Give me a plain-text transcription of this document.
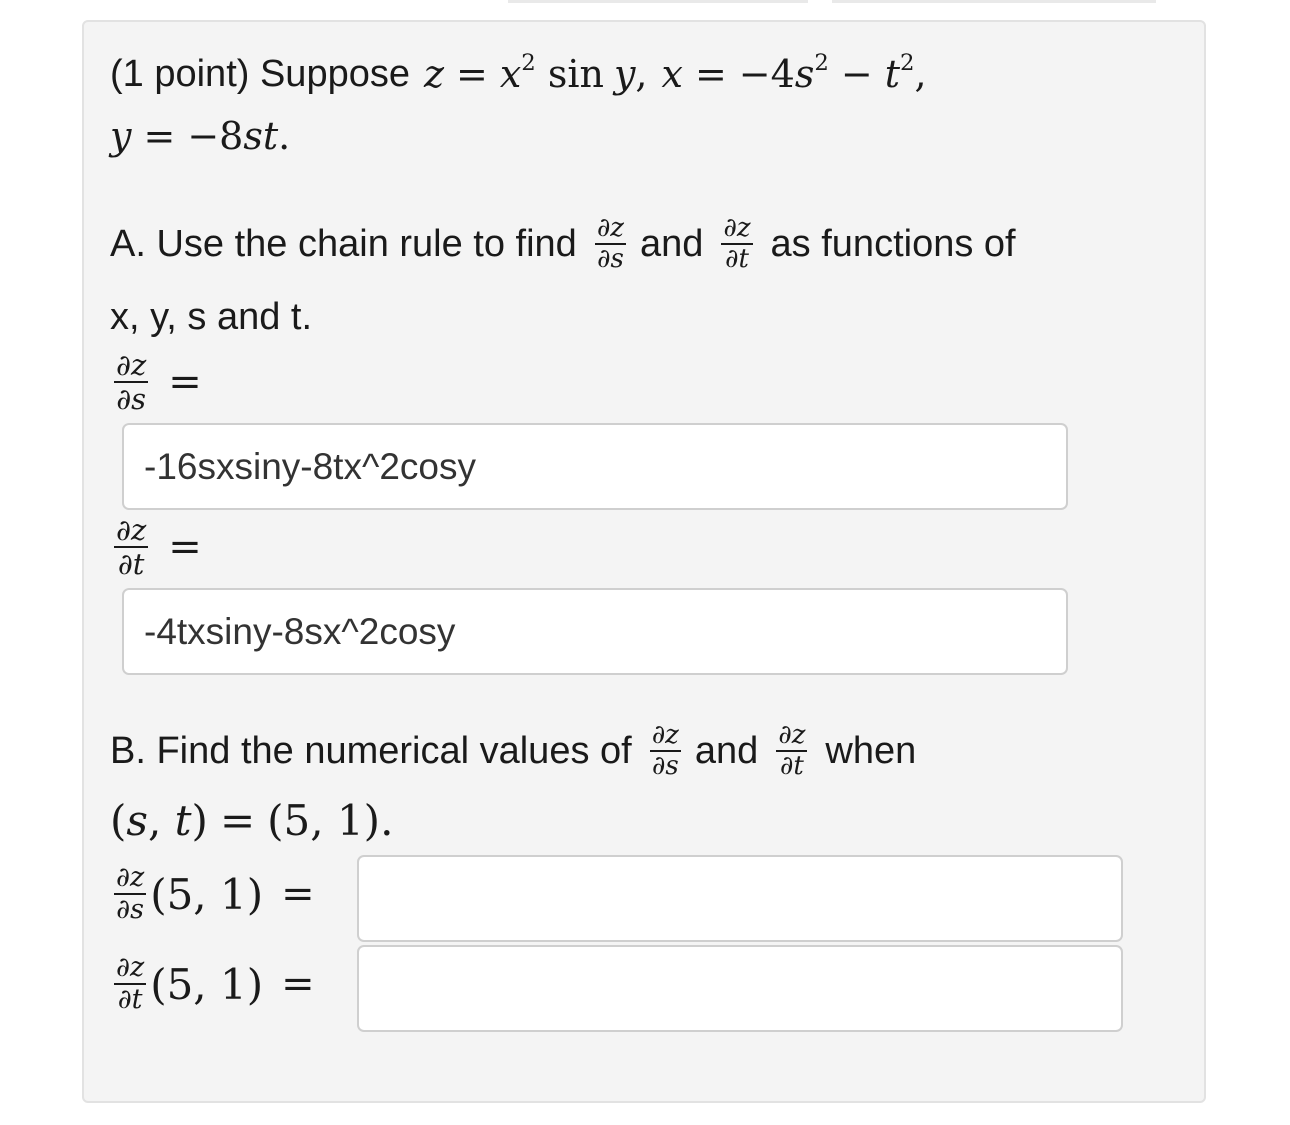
(1 point) Suppose $z = x^2$ sin y , x = −4 $s^2 - t^2$ ,
y = −8 st .
A. Use the chain rule to find $\frac{\partial z}{\partial s}$ and $\frac{\partial z}{\partial t}$ as functions of
x, y, s and t.
$\frac{\partial z}{\partial s}$ =
-16sxsiny-8tx^2cosy
$\frac{\partial z}{\partial t}$ =
-4txsiny-8sx^2cosy
B. Find the numerical values of $\frac{\partial z}{\partial s}$ and $\frac{\partial z}{\partial t}$ when
( s , t ) = (5, 1) .
$\frac{\partial z}{\partial s} (5$, 1) =
$\frac{\partial z}{\partial t} (5$, 1) =
